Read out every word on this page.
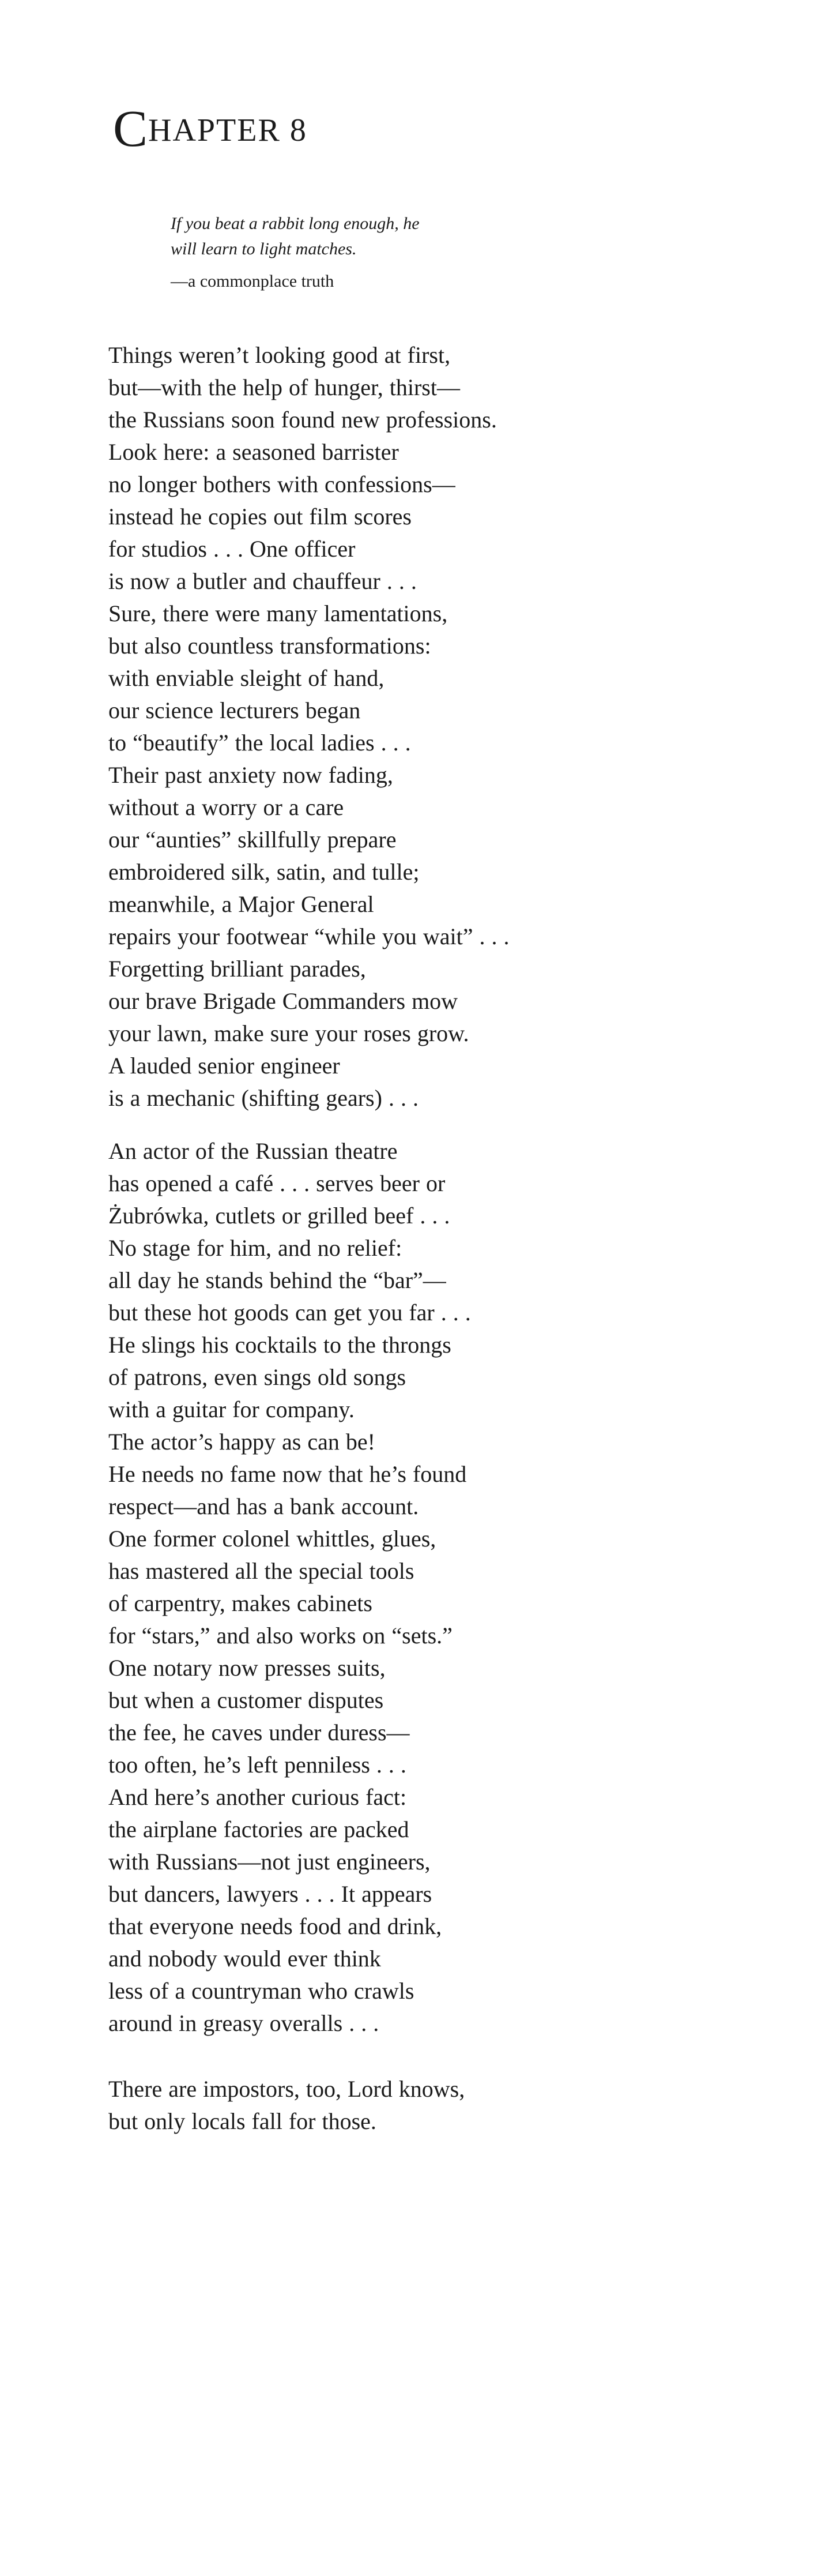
CHAPTER 8
If you beat a rabbit long enough, he
will learn to light matches.
—a commonplace truth
Things weren’t looking good at first,
but—with the help of hunger, thirst—
the Russians soon found new professions.
Look here: a seasoned barrister
no longer bothers with confessions—
instead he copies out film scores
for studios . . . One officer
is now a butler and chauffeur . . .
Sure, there were many lamentations,
but also countless transformations:
with enviable sleight of hand,
our science lecturers began
to “beautify” the local ladies . . .
Their past anxiety now fading,
without a worry or a care
our “aunties” skillfully prepare
embroidered silk, satin, and tulle;
meanwhile, a Major General
repairs your footwear “while you wait” . . .
Forgetting brilliant parades,
our brave Brigade Commanders mow
your lawn, make sure your roses grow.
A lauded senior engineer
is a mechanic (shifting gears) . . .
An actor of the Russian theatre
has opened a café . . . serves beer or
Żubrówka, cutlets or grilled beef . . .
No stage for him, and no relief:
all day he stands behind the “bar”—
but these hot goods can get you far . . .
He slings his cocktails to the throngs
of patrons, even sings old songs
with a guitar for company.
The actor’s happy as can be!
He needs no fame now that he’s found
respect—and has a bank account.
One former colonel whittles, glues,
has mastered all the special tools
of carpentry, makes cabinets
for “stars,” and also works on “sets.”
One notary now presses suits,
but when a customer disputes
the fee, he caves under duress—
too often, he’s left penniless . . .
And here’s another curious fact:
the airplane factories are packed
with Russians—not just engineers,
but dancers, lawyers . . . It appears
that everyone needs food and drink,
and nobody would ever think
less of a countryman who crawls
around in greasy overalls . . .
There are impostors, too, Lord knows,
but only locals fall for those.
